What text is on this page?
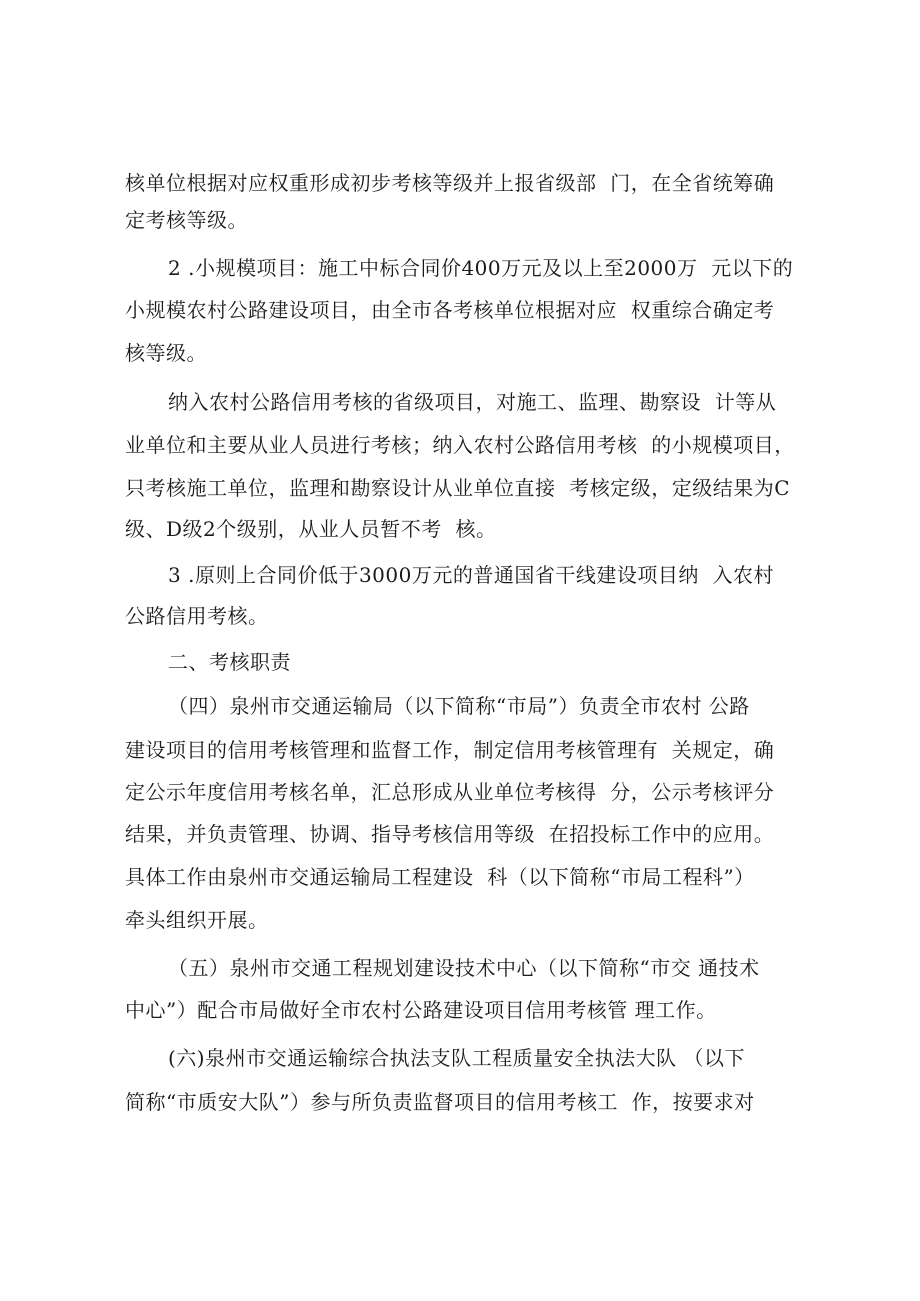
核单位根据对应权重形成初步考核等级并上报省级部  门，在全省统筹确
定考核等级。
2 .小规模项目：施工中标合同价400万元及以上至2000万  元以下的
小规模农村公路建设项目，由全市各考核单位根据对应  权重综合确定考
核等级。
纳入农村公路信用考核的省级项目，对施工、监理、勘察设  计等从
业单位和主要从业人员进行考核；纳入农村公路信用考核  的小规模项目，
只考核施工单位，监理和勘察设计从业单位直接  考核定级，定级结果为C
级、D级2个级别，从业人员暂不考  核。
3 .原则上合同价低于3000万元的普通国省干线建设项目纳  入农村
公路信用考核。
二、考核职责
（四）泉州市交通运输局（以下简称“市局”）负责全市农村 公路
建设项目的信用考核管理和监督工作，制定信用考核管理有  关规定，确
定公示年度信用考核名单，汇总形成从业单位考核得  分，公示考核评分
结果，并负责管理、协调、指导考核信用等级  在招投标工作中的应用。
具体工作由泉州市交通运输局工程建设  科（以下简称“市局工程科”）
牵头组织开展。
（五）泉州市交通工程规划建设技术中心（以下简称“市交 通技术
中心”）配合市局做好全市农村公路建设项目信用考核管 理工作。
(六)泉州市交通运输综合执法支队工程质量安全执法大队 （以下
简称“市质安大队”）参与所负责监督项目的信用考核工  作，按要求对
